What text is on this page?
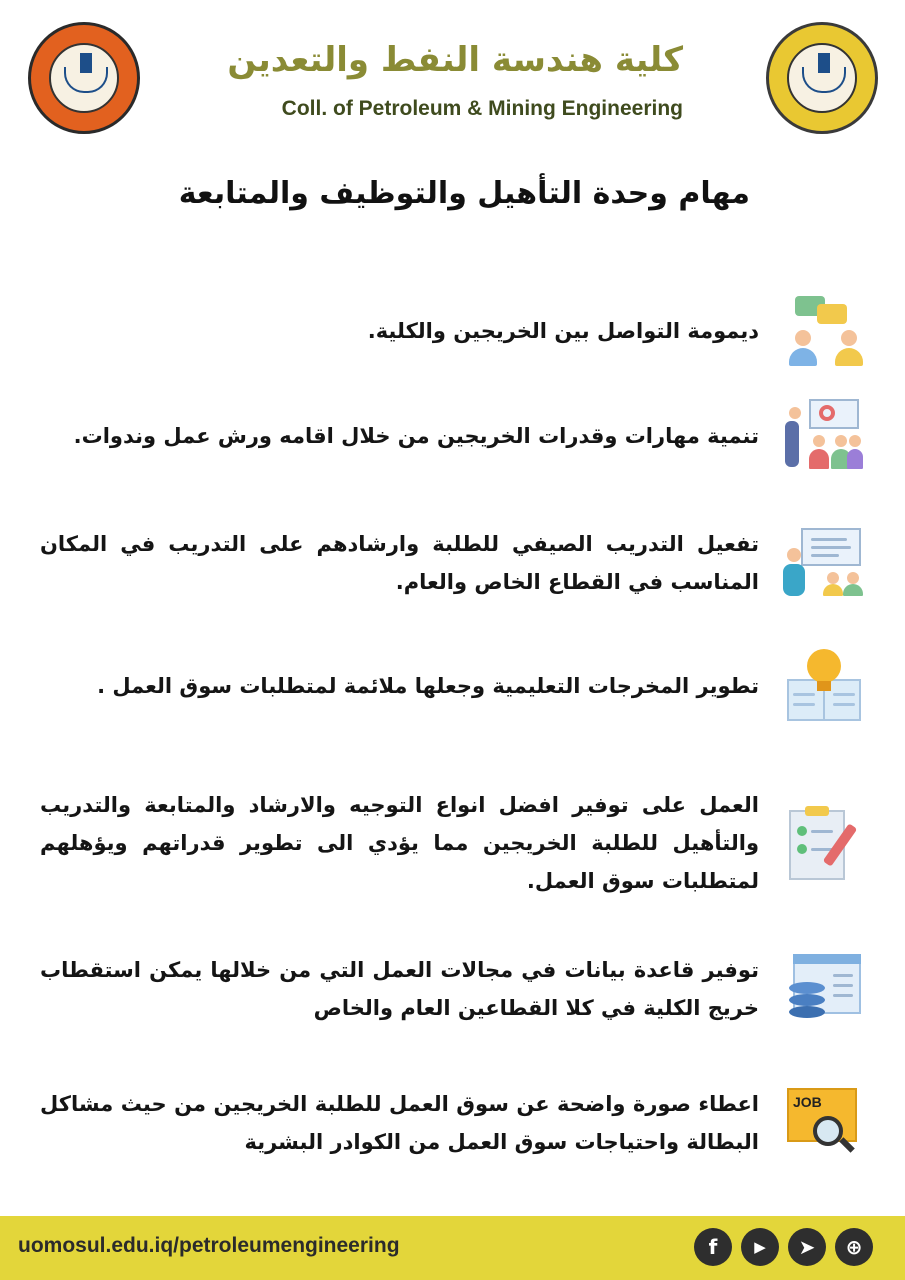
كلية هندسة النفط والتعدين
Coll. of Petroleum & Mining Engineering
مهام وحدة التأهيل والتوظيف والمتابعة
ديمومة التواصل بين الخريجين والكلية.
تنمية مهارات وقدرات الخريجين من خلال اقامه ورش عمل وندوات.
تفعيل التدريب الصيفي للطلبة وارشادهم على التدريب في المكان المناسب في القطاع الخاص والعام.
تطوير المخرجات التعليمية وجعلها ملائمة لمتطلبات سوق العمل .
العمل على توفير افضل انواع التوجيه والارشاد والمتابعة والتدريب والتأهيل للطلبة الخريجين مما يؤدي الى تطوير قدراتهم ويؤهلهم لمتطلبات سوق العمل.
توفير قاعدة بيانات في مجالات العمل التي من خلالها يمكن استقطاب خريج الكلية في كلا القطاعين العام والخاص
JOB
اعطاء صورة واضحة عن سوق العمل للطلبة الخريجين من حيث مشاكل البطالة واحتياجات سوق العمل من الكوادر البشرية
uomosul.edu.iq/petroleumengineering	⊕
➤
▶
f
